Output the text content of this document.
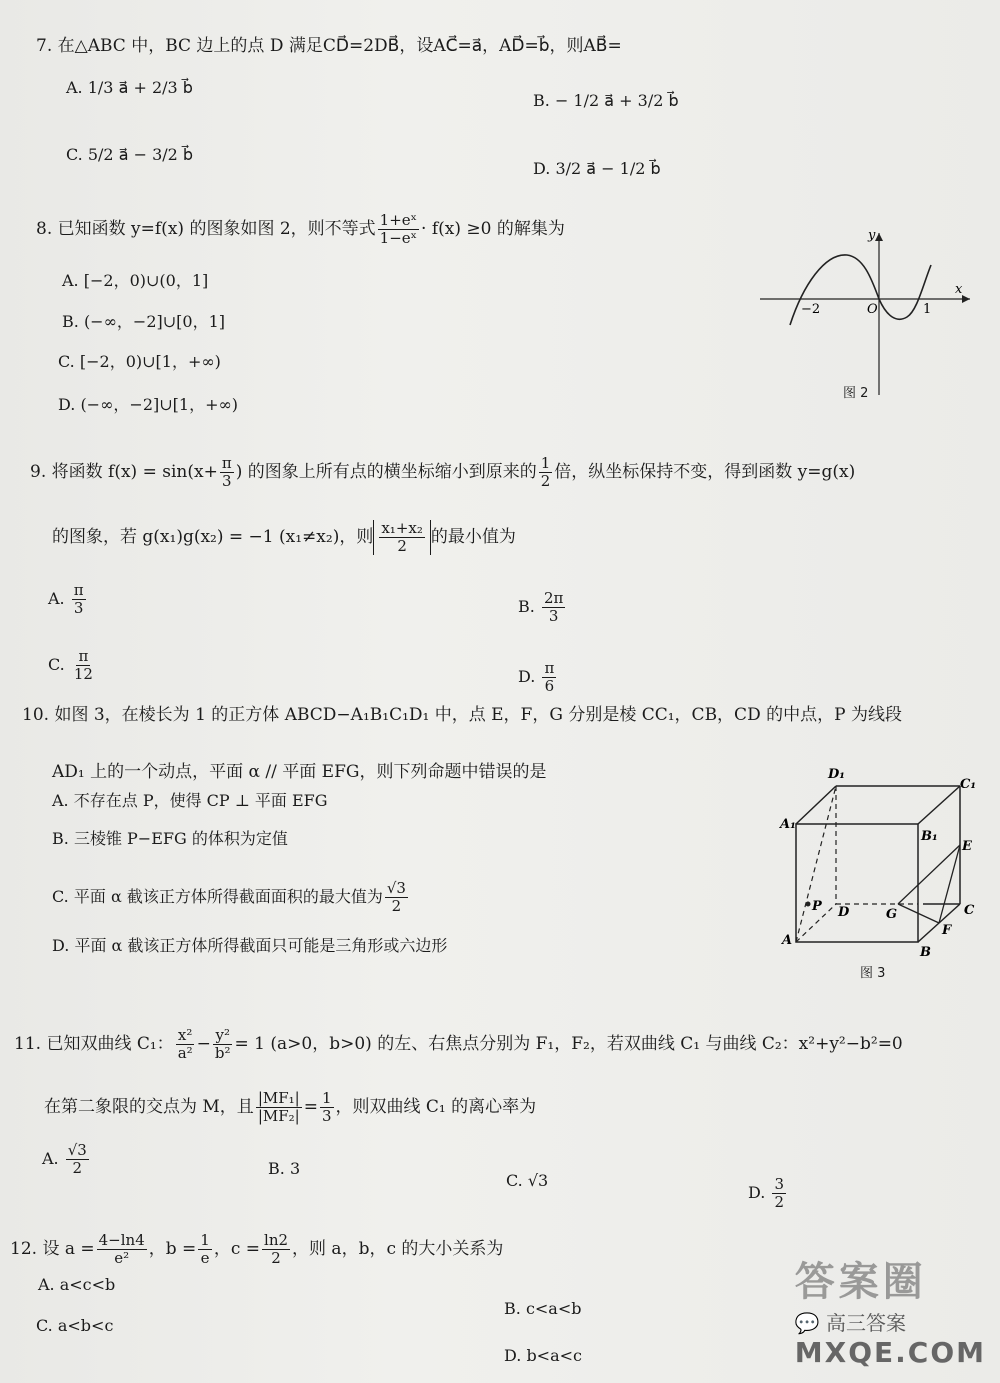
7. 在△ABC 中，BC 边上的点 D 满足CD⃗=2DB⃗，设AC⃗=a⃗，AD⃗=b⃗，则AB⃗=
A. 1/3 a⃗ + 2/3 b⃗
B. − 1/2 a⃗ + 3/2 b⃗
C. 5/2 a⃗ − 3/2 b⃗
D. 3/2 a⃗ − 1/2 b⃗
8. 已知函数 y=f(x) 的图象如图 2，则不等式 $\frac{\text{1+eˣ}}{\text{1−eˣ}} \cdot f(x) \ge 0$ 的解集为
A. [−2，0)∪(0，1]
B. (−∞，−2]∪[0，1]
C. [−2，0)∪[1，+∞)
D. (−∞，−2]∪[1，+∞)
y
x
O
−2	1
图 2
9. 将函数 $f(x) = \sin(x+ \frac{\pi}{3}$ ) 的图象上所有点的横坐标缩小到原来的 $\frac{1}{2}$ 倍，纵坐标保持不变，得到函数 y=g(x)
的图象，若 g(x₁)g(x₂) = −1 (x₁≠x₂)，则 $\frac{\text{x₁+x₂}}{2}$ 的最小值为
A. $\frac{\pi}{3}$	B. $\frac{2\pi}{3}$
C. $\frac{\pi}{12}$	D. $\frac{\pi}{6}$
10. 如图 3，在棱长为 1 的正方体 ABCD−A₁B₁C₁D₁ 中，点 E，F，G 分别是棱 CC₁，CB，CD 的中点，P 为线段
AD₁ 上的一个动点，平面 α // 平面 EFG，则下列命题中错误的是
A. 不存在点 P，使得 CP ⊥ 平面 EFG
B. 三棱锥 P−EFG 的体积为定值
C. 平面 α 截该正方体所得截面面积的最大值为 $\frac{√3}{2}$
D. 平面 α 截该正方体所得截面只可能是三角形或六边形
D₁
C₁
A₁
B₁
E
P D	G	C
A
F
B
图 3
11. 已知双曲线 C₁： $\frac{\text{x²}}{\text{a²}} - \frac{\text{y²}}{\text{b²}} = 1$ (a>0，b>0) 的左、右焦点分别为 F₁，F₂，若双曲线 C₁ 与曲线 C₂：x²+y²−b²=0
在第二象限的交点为 M，且 $\frac{\text{|MF₁|}}{\text{|MF₂|}} = \frac{1}{3}$ ，则双曲线 C₁ 的离心率为
A. $\frac{√3}{2}$	B. 3
C. √3
D. $\frac{3}{2}$
12. 设 $a = \frac{4-\ln 4}{\text{e²}}$ ，$b = \frac{1}{e}$ ，$c = \frac{\ln 2}{2}$ ，则 a，b，c 的大小关系为
A. a<c<b
B. c<a<b
C. a<b<c
D. b<a<c
答案圈
💬 高三答案
MXQE.COM
